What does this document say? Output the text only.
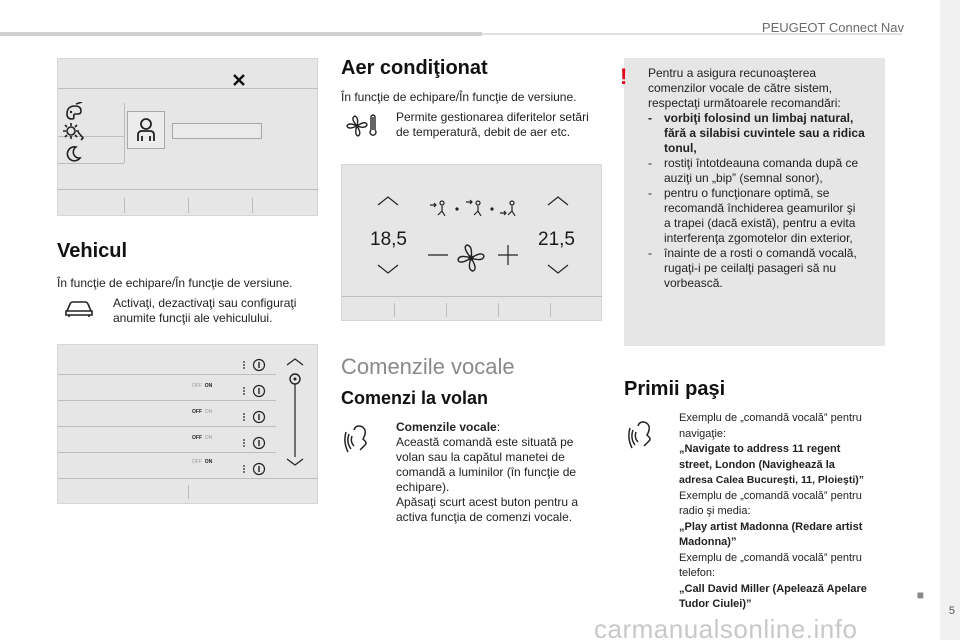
PEUGEOT Connect Nav
■
5
Vehicul
În funcţie de echipare/În funcţie de versiune.
Activaţi, dezactivaţi sau configuraţi
anumite funcţii ale vehiculului.
OFF ON
OFF ON
OFF ON
OFF ON
Aer condiţionat
În funcţie de echipare/În funcţie de versiune.
Permite gestionarea diferitelor setări
de temperatură, debit de aer etc.
18,5	21,5
Comenzile vocale
Comenzi la volan
Comenzile vocale:
Această comandă este situată pe
volan sau la capătul manetei de
comandă a luminilor (în funcţie de
echipare).
Apăsaţi scurt acest buton pentru a
activa funcţia de comenzi vocale.
! Pentru a asigura recunoaşterea
comenzilor vocale de către sistem,
respectaţi următoarele recomandări:
-	vorbiţi folosind un limbaj natural,
fără a silabisi cuvintele sau a ridica
tonul,
-	rostiţi întotdeauna comanda după ce
auziţi un „bip” (semnal sonor),
-	pentru o funcţionare optimă, se
recomandă închiderea geamurilor şi
a trapei (dacă există), pentru a evita
interferenţa zgomotelor din exterior,
-	înainte de a rosti o comandă vocală,
rugaţi-i pe ceilalţi pasageri să nu
vorbească.
Primii paşi
Exemplu de „comandă vocală” pentru
navigaţie:
„Navigate to address 11 regent
street, London (Navighează la
adresa Calea Bucureşti, 11, Ploieşti)”
Exemplu de „comandă vocală” pentru
radio şi media:
„Play artist Madonna (Redare artist
Madonna)”
Exemplu de „comandă vocală” pentru
telefon:
„Call David Miller (Apelează Apelare
Tudor Ciulei)”
carmanualsonline.info
